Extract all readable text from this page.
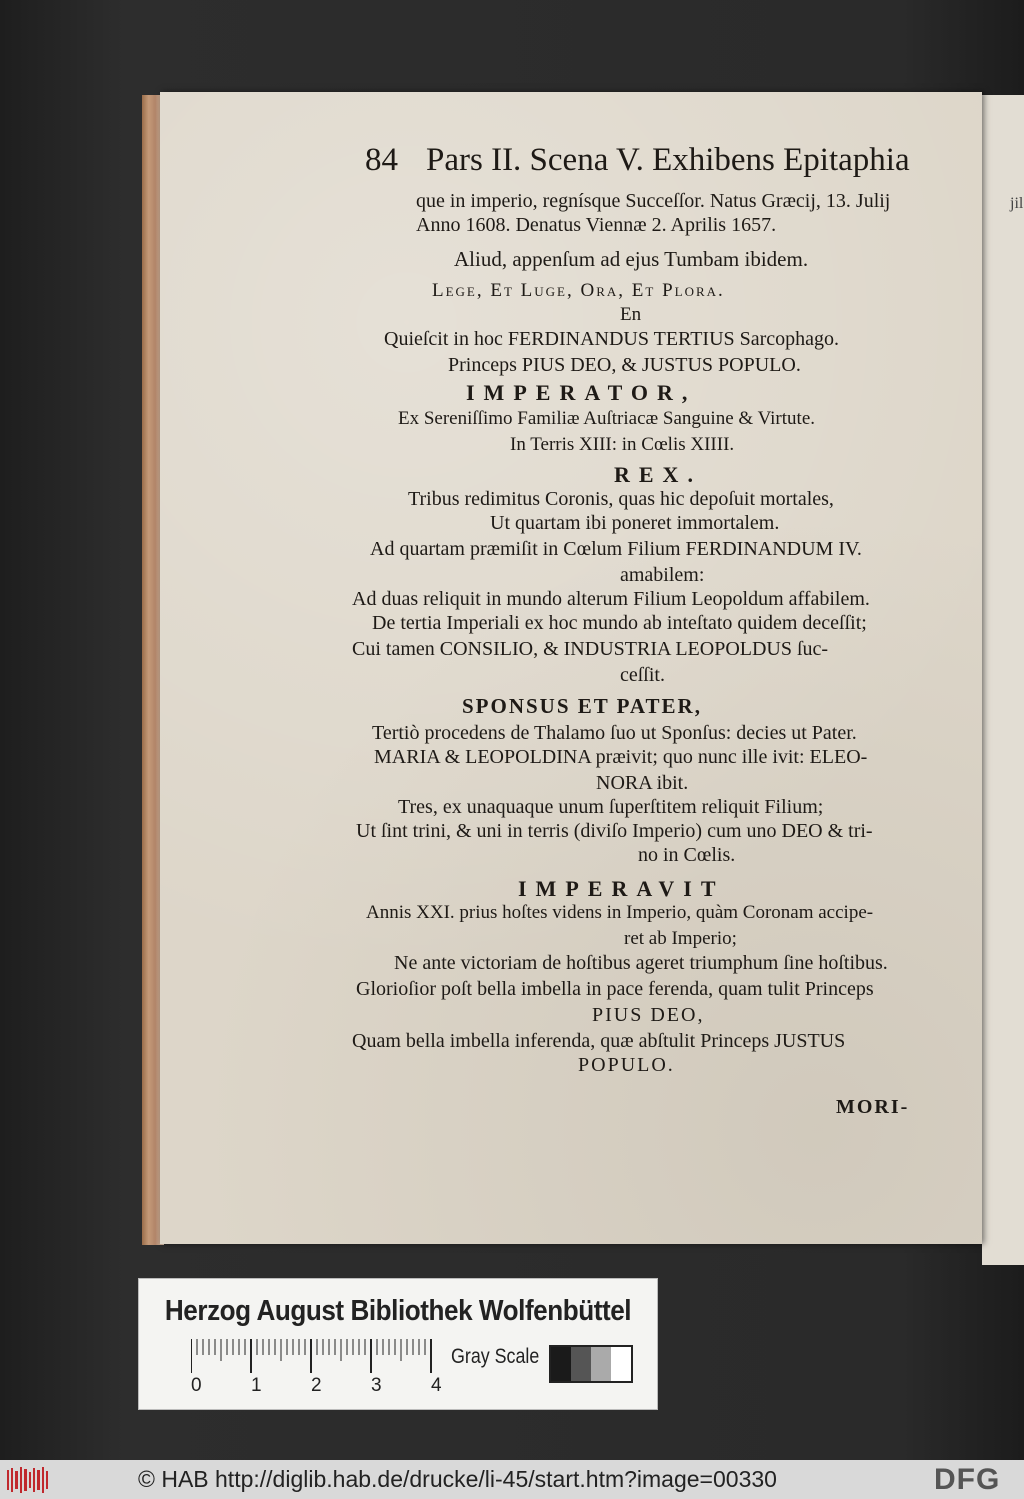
jil
84 Pars II. Scena V. Exhibens Epitaphia
que in imperio, regnísque Succeſſor. Natus Græcij, 13. Julij
Anno 1608. Denatus Viennæ 2. Aprilis 1657.
Aliud, appenſum ad ejus Tumbam ibidem.
Lege, Et Luge, Ora, Et Plora.
En
Quieſcit in hoc FERDINANDUS TERTIUS Sarcophago.
Princeps PIUS DEO, & JUSTUS POPULO.
IMPERATOR,
Ex Sereniſſimo Familiæ Auſtriacæ Sanguine & Virtute.
In Terris XIII: in Cœlis XIIII.
REX.
Tribus redimitus Coronis, quas hic depoſuit mortales,
Ut quartam ibi poneret immortalem.
Ad quartam præmiſit in Cœlum Filium FERDINANDUM IV.
amabilem:
Ad duas reliquit in mundo alterum Filium Leopoldum affabilem.
De tertia Imperiali ex hoc mundo ab inteſtato quidem deceſſit;
Cui tamen CONSILIO, & INDUSTRIA LEOPOLDUS ſuc-
ceſſit.
SPONSUS ET PATER,
Tertiò procedens de Thalamo ſuo ut Sponſus: decies ut Pater.
MARIA & LEOPOLDINA præivit; quo nunc ille ivit: ELEO-
NORA ibit.
Tres, ex unaquaque unum ſuperſtitem reliquit Filium;
Ut ſint trini, & uni in terris (diviſo Imperio) cum uno DEO & tri-
no in Cœlis.
IMPERAVIT
Annis XXI. prius hoſtes videns in Imperio, quàm Coronam accipe-
ret ab Imperio;
Ne ante victoriam de hoſtibus ageret triumphum ſine hoſtibus.
Glorioſior poſt bella imbella in pace ferenda, quam tulit Princeps
PIUS DEO,
Quam bella imbella inferenda, quæ abſtulit Princeps JUSTUS
POPULO.
MORI-
Herzog August Bibliothek Wolfenbüttel
0	1	2	3	4
Gray Scale
© HAB http://diglib.hab.de/drucke/li-45/start.htm?image=00330	DFG
